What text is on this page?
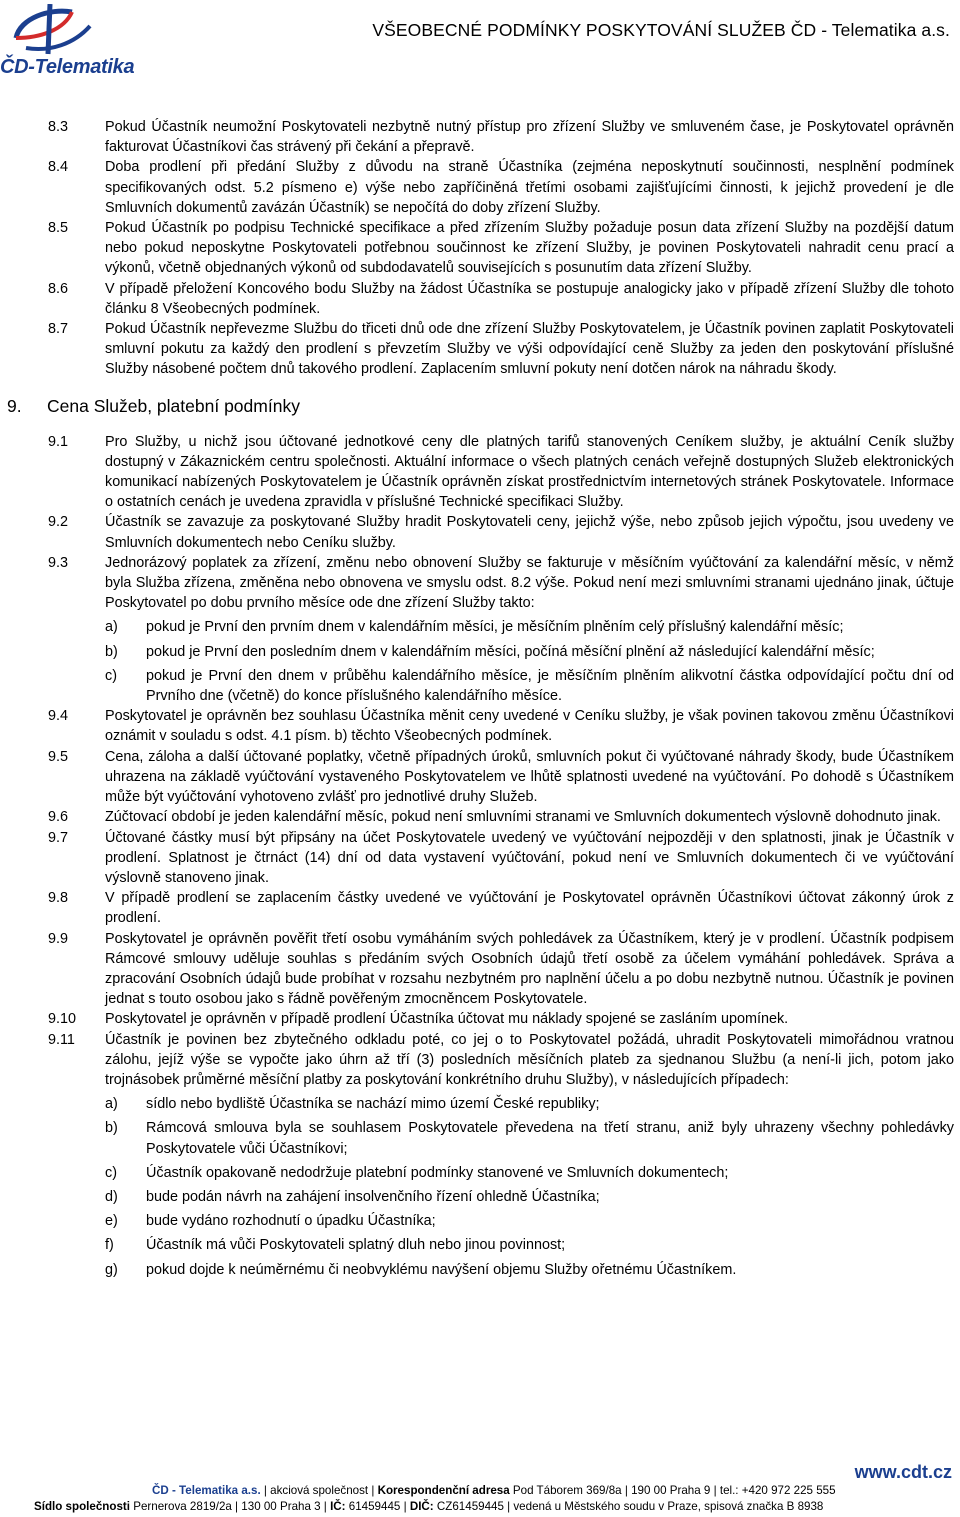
ČD-Telematika
VŠEOBECNÉ PODMÍNKY POSKYTOVÁNÍ SLUŽEB ČD - Telematika a.s.
8.3	Pokud Účastník neumožní Poskytovateli nezbytně nutný přístup pro zřízení Služby ve smluveném čase, je Poskytovatel oprávněn fakturovat Účastníkovi čas strávený při čekání a přepravě.
8.4	Doba prodlení při předání Služby z důvodu na straně Účastníka (zejména neposkytnutí součinnosti, nesplnění podmínek specifikovaných odst. 5.2 písmeno e) výše nebo zapříčiněná třetími osobami zajišťujícími činnosti, k jejichž provedení je dle Smluvních dokumentů zavázán Účastník) se nepočítá do doby zřízení Služby.
8.5	Pokud Účastník po podpisu Technické specifikace a před zřízením Služby požaduje posun data zřízení Služby na pozdější datum nebo pokud neposkytne Poskytovateli potřebnou součinnost ke zřízení Služby, je povinen Poskytovateli nahradit cenu prací a výkonů, včetně objednaných výkonů od subdodavatelů souvisejících s posunutím data zřízení Služby.
8.6	V případě přeložení Koncového bodu Služby na žádost Účastníka se postupuje analogicky jako v případě zřízení Služby dle tohoto článku 8 Všeobecných podmínek.
8.7	Pokud Účastník nepřevezme Službu do třiceti dnů ode dne zřízení Služby Poskytovatelem, je Účastník povinen zaplatit Poskytovateli smluvní pokutu za každý den prodlení s převzetím Služby ve výši odpovídající ceně Služby za jeden den poskytování příslušné Služby násobené počtem dnů takového prodlení. Zaplacením smluvní pokuty není dotčen nárok na náhradu škody.
9.	Cena Služeb, platební podmínky
9.1	Pro Služby, u nichž jsou účtované jednotkové ceny dle platných tarifů stanovených Ceníkem služby, je aktuální Ceník služby dostupný v Zákaznickém centru společnosti. Aktuální informace o všech platných cenách veřejně dostupných Služeb elektronických komunikací nabízených Poskytovatelem je Účastník oprávněn získat prostřednictvím internetových stránek Poskytovatele. Informace o ostatních cenách je uvedena zpravidla v příslušné Technické specifikaci Služby.
9.2	Účastník se zavazuje za poskytované Služby hradit Poskytovateli ceny, jejichž výše, nebo způsob jejich výpočtu, jsou uvedeny ve Smluvních dokumentech nebo Ceníku služby.
9.3	Jednorázový poplatek za zřízení, změnu nebo obnovení Služby se fakturuje v měsíčním vyúčtování za kalendářní měsíc, v němž byla Služba zřízena, změněna nebo obnovena ve smyslu odst. 8.2 výše. Pokud není mezi smluvními stranami ujednáno jinak, účtuje Poskytovatel po dobu prvního měsíce ode dne zřízení Služby takto:
a)	pokud je První den prvním dnem v kalendářním měsíci, je měsíčním plněním celý příslušný kalendářní měsíc;
b)	pokud je První den posledním dnem v kalendářním měsíci, počíná měsíční plnění až následující kalendářní měsíc;
c)	pokud je První den dnem v průběhu kalendářního měsíce, je měsíčním plněním alikvotní částka odpovídající počtu dní od Prvního dne (včetně) do konce příslušného kalendářního měsíce.
9.4	Poskytovatel je oprávněn bez souhlasu Účastníka měnit ceny uvedené v Ceníku služby, je však povinen takovou změnu Účastníkovi oznámit v souladu s odst. 4.1 písm. b) těchto Všeobecných podmínek.
9.5	Cena, záloha a další účtované poplatky, včetně případných úroků, smluvních pokut či vyúčtované náhrady škody, bude Účastníkem uhrazena na základě vyúčtování vystaveného Poskytovatelem ve lhůtě splatnosti uvedené na vyúčtování. Po dohodě s Účastníkem může být vyúčtování vyhotoveno zvlášť pro jednotlivé druhy Služeb.
9.6	Zúčtovací období je jeden kalendářní měsíc, pokud není smluvními stranami ve Smluvních dokumentech výslovně dohodnuto jinak.
9.7	Účtované částky musí být připsány na účet Poskytovatele uvedený ve vyúčtování nejpozději v den splatnosti, jinak je Účastník v prodlení. Splatnost je čtrnáct (14) dní od data vystavení vyúčtování, pokud není ve Smluvních dokumentech či ve vyúčtování výslovně stanoveno jinak.
9.8	V případě prodlení se zaplacením částky uvedené ve vyúčtování je Poskytovatel oprávněn Účastníkovi účtovat zákonný úrok z prodlení.
9.9	Poskytovatel je oprávněn pověřit třetí osobu vymáháním svých pohledávek za Účastníkem, který je v prodlení. Účastník podpisem Rámcové smlouvy uděluje souhlas s předáním svých Osobních údajů třetí osobě za účelem vymáhání pohledávek. Správa a zpracování Osobních údajů bude probíhat v rozsahu nezbytném pro naplnění účelu a po dobu nezbytně nutnou. Účastník je povinen jednat s touto osobou jako s řádně pověřeným zmocněncem Poskytovatele.
9.10	Poskytovatel je oprávněn v případě prodlení Účastníka účtovat mu náklady spojené se zasláním upomínek.
9.11	Účastník je povinen bez zbytečného odkladu poté, co jej o to Poskytovatel požádá, uhradit Poskytovateli mimořádnou vratnou zálohu, jejíž výše se vypočte jako úhrn až tří (3) posledních měsíčních plateb za sjednanou Službu (a není-li jich, potom jako trojnásobek průměrné měsíční platby za poskytování konkrétního druhu Služby), v následujících případech:
a)	sídlo nebo bydliště Účastníka se nachází mimo území České republiky;
b)	Rámcová smlouva byla se souhlasem Poskytovatele převedena na třetí stranu, aniž byly uhrazeny všechny pohledávky Poskytovatele vůči Účastníkovi;
c)	Účastník opakovaně nedodržuje platební podmínky stanovené ve Smluvních dokumentech;
d)	bude podán návrh na zahájení insolvenčního řízení ohledně Účastníka;
e)	bude vydáno rozhodnutí o úpadku Účastníka;
f)	Účastník má vůči Poskytovateli splatný dluh nebo jinou povinnost;
g)	pokud dojde k neúměrnému či neobvyklému navýšení objemu Služby ořetnému Účastníkem.
www.cdt.cz
ČD - Telematika a.s. | akciová společnost | Korespondenční adresa Pod Táborem 369/8a | 190 00 Praha 9 | tel.: +420 972 225 555
Sídlo společnosti Pernerova 2819/2a | 130 00 Praha 3 | IČ: 61459445 | DIČ: CZ61459445 | vedená u Městského soudu v Praze, spisová značka B 8938
